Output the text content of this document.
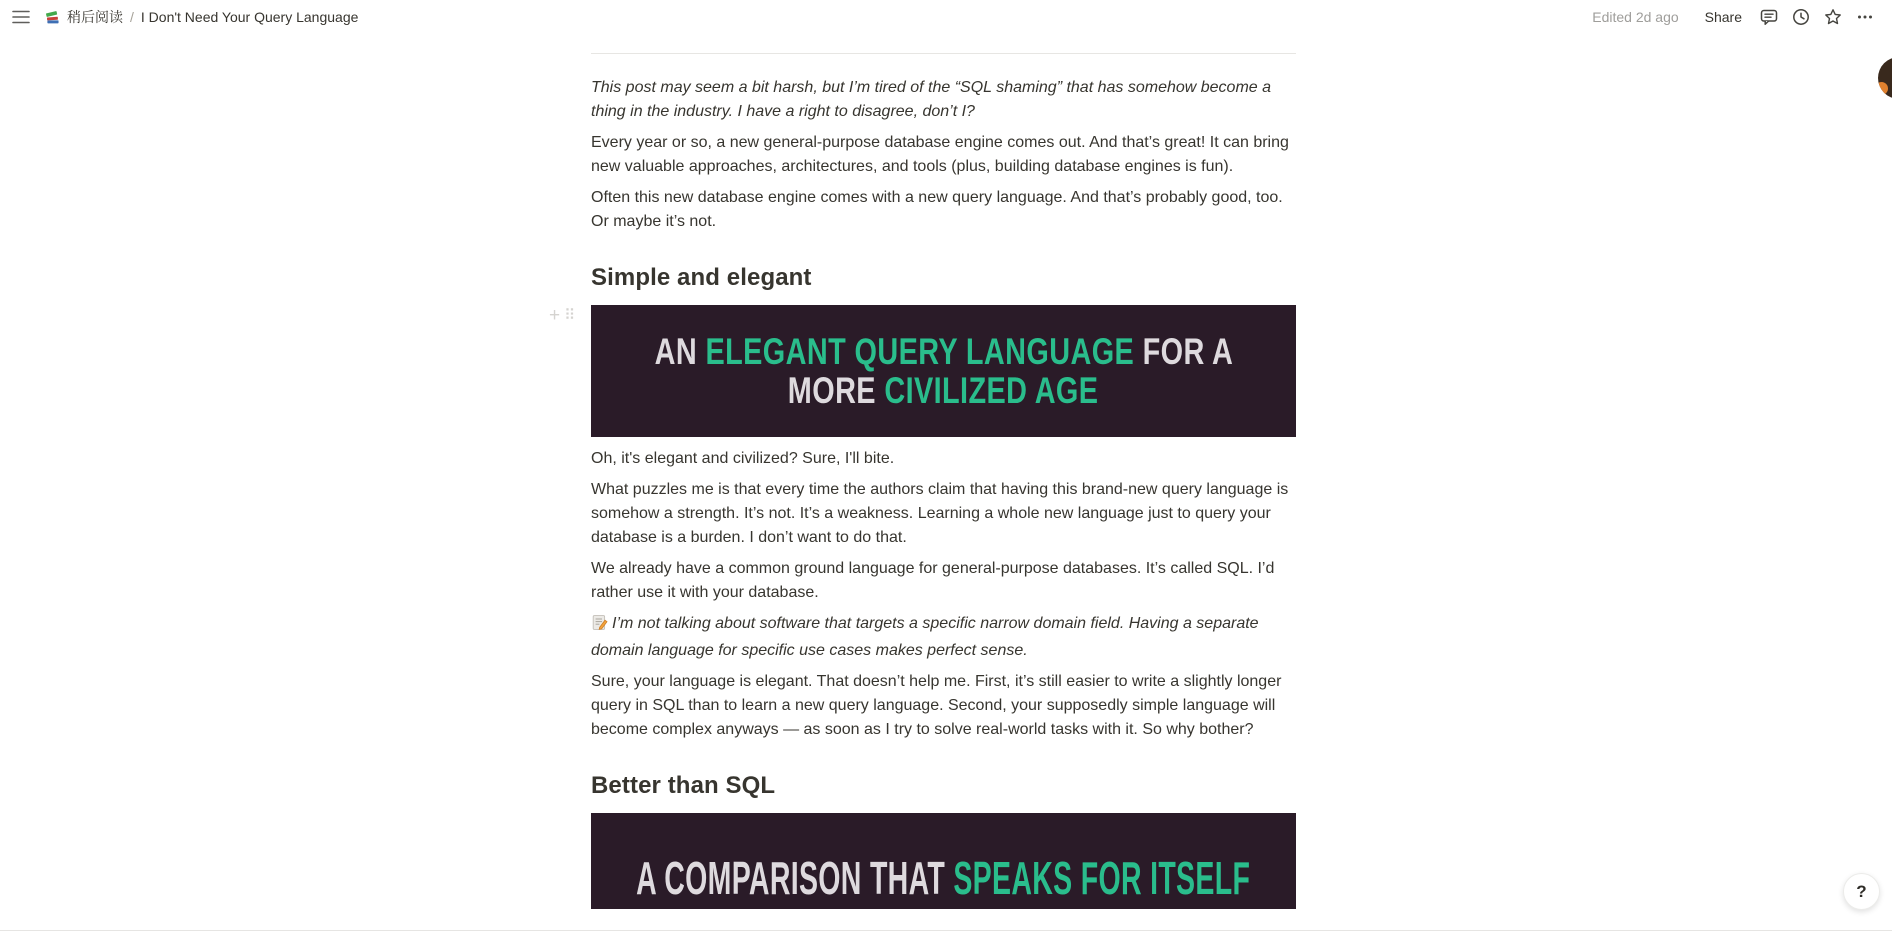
稍后阅读 / I Don't Need Your Query Language	Edited 2d ago	Share

This post may seem a bit harsh, but I’m tired of the “SQL shaming” that has somehow become a thing in the industry. I have a right to disagree, don’t I?

Every year or so, a new general-purpose database engine comes out. And that’s great! It can bring new valuable approaches, architectures, and tools (plus, building database engines is fun).

Often this new database engine comes with a new query language. And that’s probably good, too. Or maybe it’s not.

Simple and elegant
AN ELEGANT QUERY LANGUAGE FOR A
MORE CIVILIZED AGE

Oh, it's elegant and civilized? Sure, I'll bite.

What puzzles me is that every time the authors claim that having this brand-new query language is somehow a strength. It’s not. It’s a weakness. Learning a whole new language just to query your database is a burden. I don’t want to do that.

We already have a common ground language for general-purpose databases. It’s called SQL. I’d rather use it with your database.

I’m not talking about software that targets a specific narrow domain field. Having a separate domain language for specific use cases makes perfect sense.

Sure, your language is elegant. That doesn’t help me. First, it’s still easier to write a slightly longer query in SQL than to learn a new query language. Second, your supposedly simple language will become complex anyways — as soon as I try to solve real-world tasks with it. So why bother?

Better than SQL
A COMPARISON THAT SPEAKS FOR ITSELF
+ ⠿
?
